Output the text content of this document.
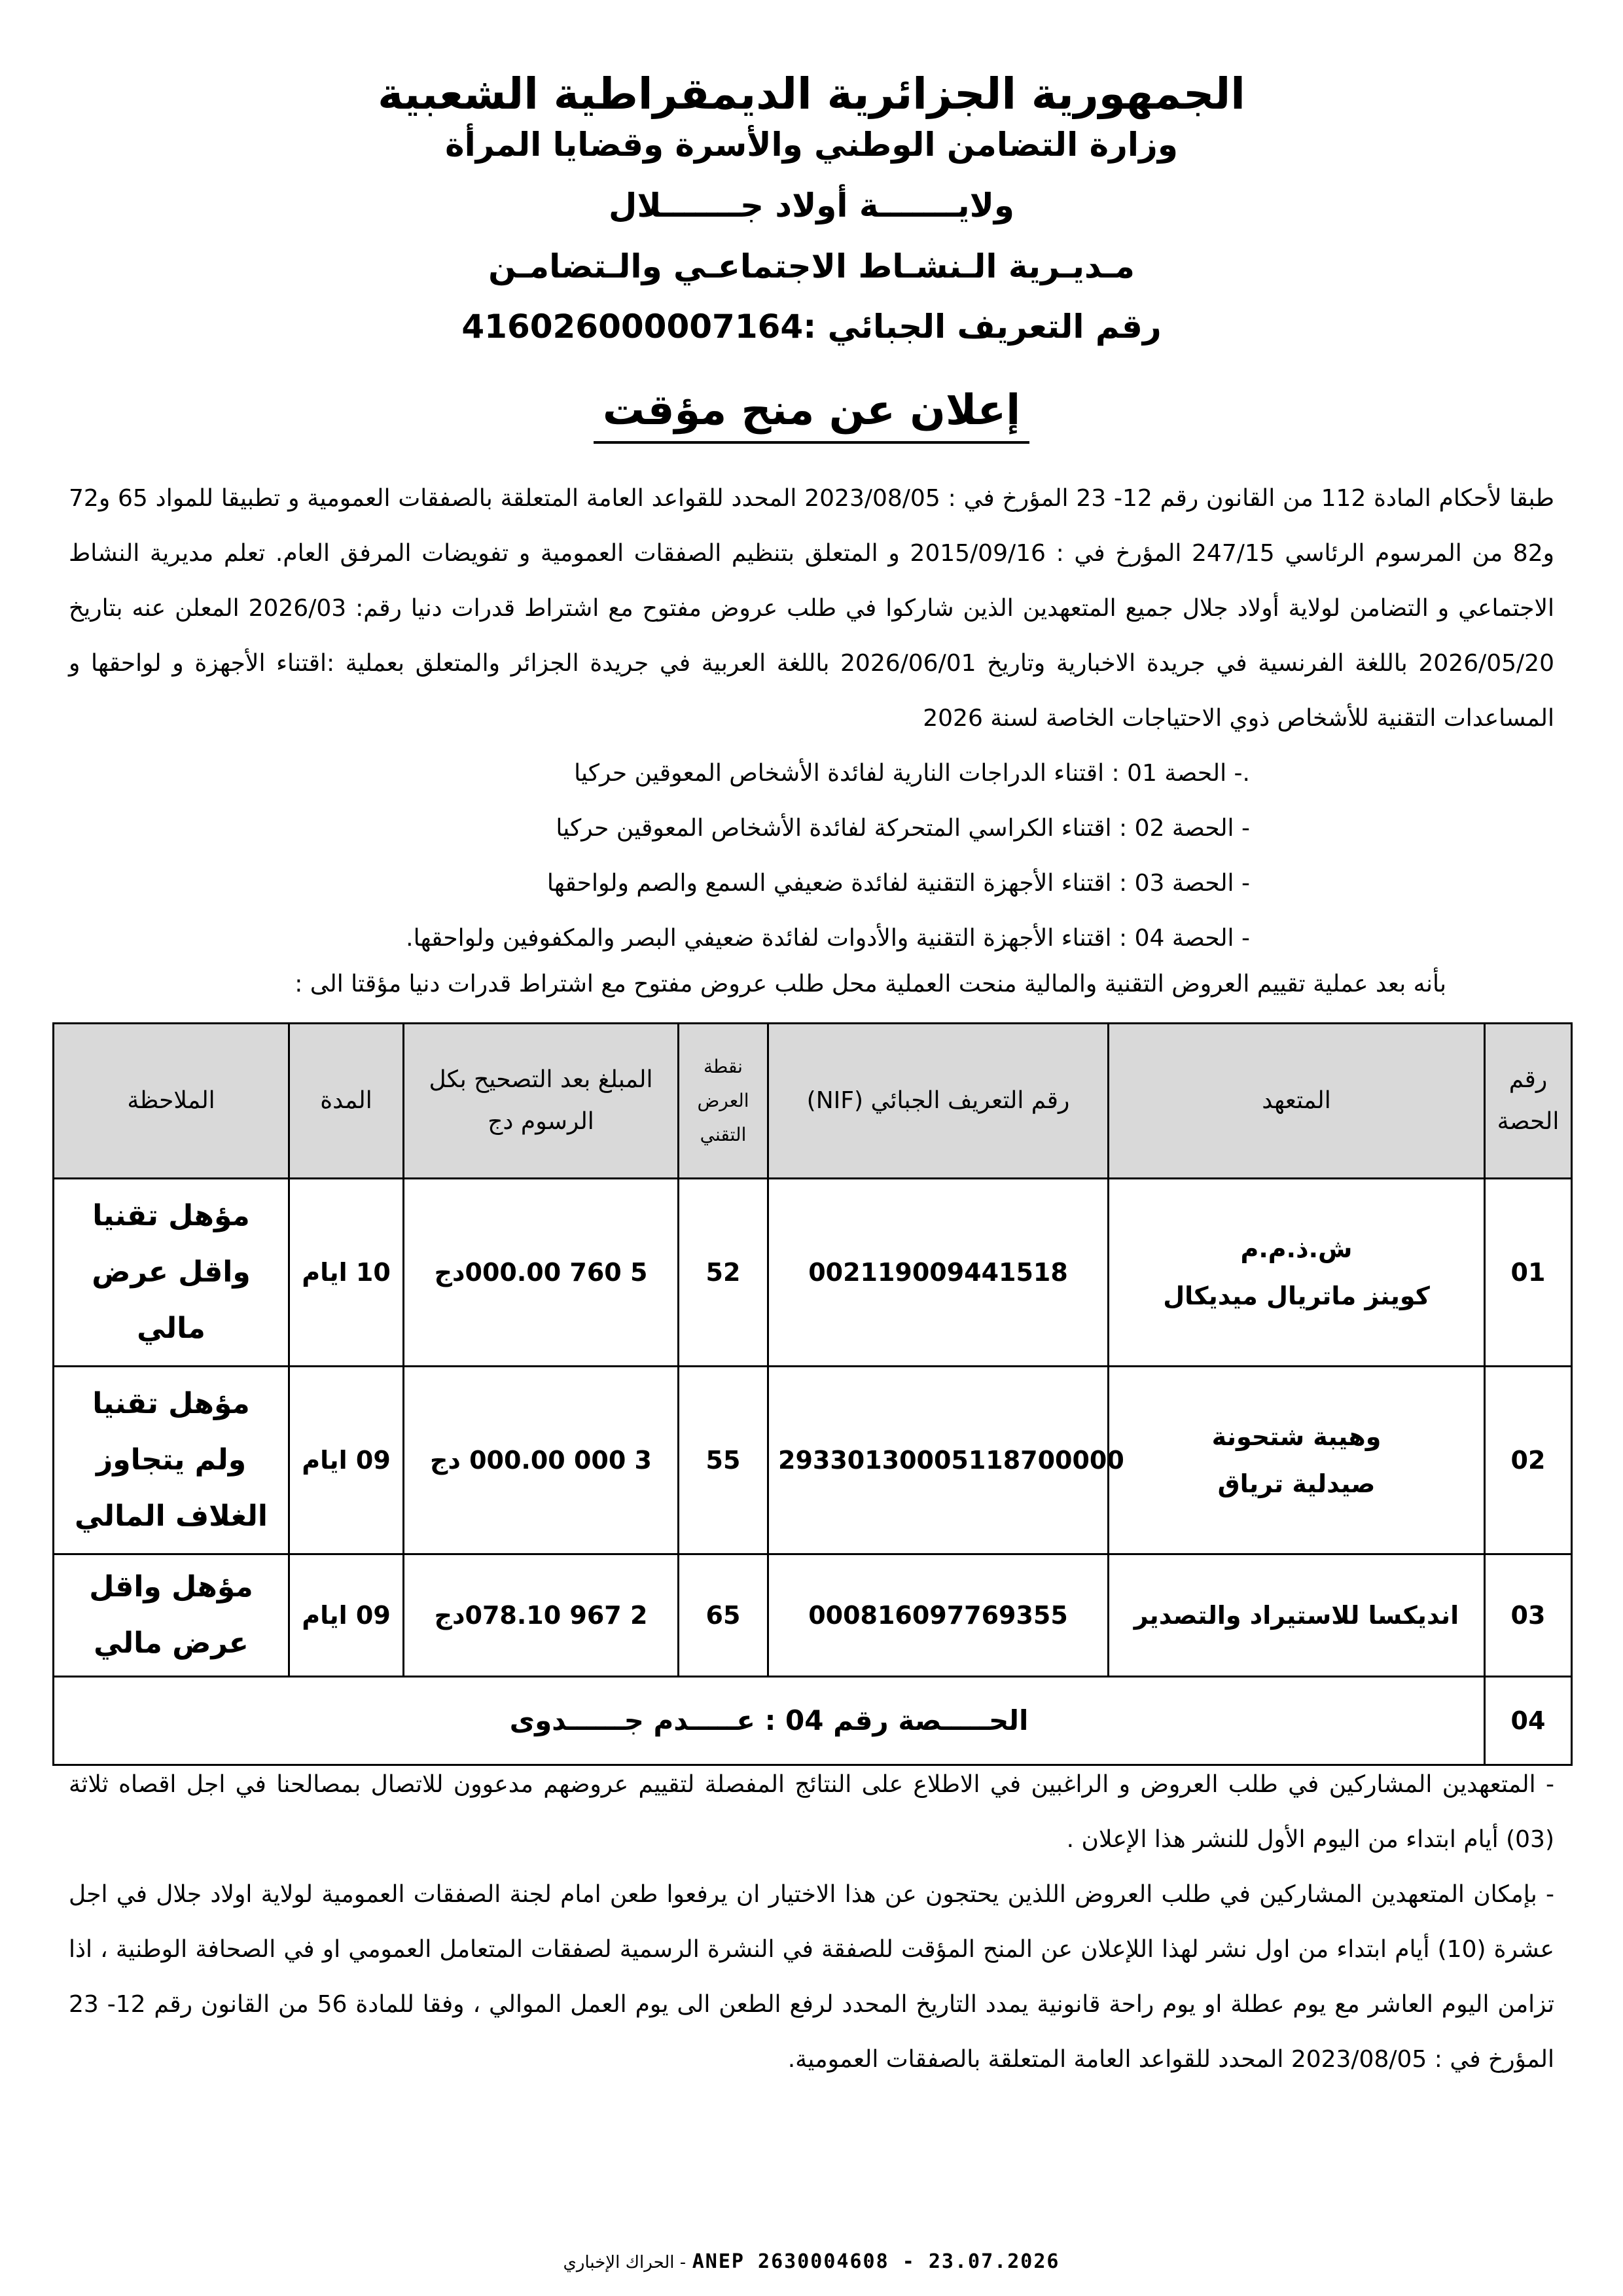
الجمهورية الجزائرية الديمقراطية الشعبية
وزارة التضامن الوطني والأسرة وقضايا المرأة
ولايـــــــة أولاد جـــــــلال
مـديـرية الـنشـاط الاجتماعـي والـتضامـن
رقم التعريف الجبائي :416026000007164
إعلان عن منح مؤقت
طبقا لأحكام المادة 112 من القانون رقم 12- 23 المؤرخ في : 2023/08/05 المحدد للقواعد العامة المتعلقة بالصفقات العمومية و تطبيقا للمواد 65 و72 و82 من المرسوم الرئاسي 247/15 المؤرخ في : 2015/09/16 و المتعلق بتنظيم الصفقات العمومية و تفويضات المرفق العام. تعلم مديرية النشاط الاجتماعي و التضامن لولاية أولاد جلال جميع المتعهدين الذين شاركوا في طلب عروض مفتوح مع اشتراط قدرات دنيا رقم: 2026/03 المعلن عنه بتاريخ 2026/05/20 باللغة الفرنسية في جريدة الاخبارية وتاريخ 2026/06/01 باللغة العربية في جريدة الجزائر والمتعلق بعملية :اقتناء الأجهزة و لواحقها و المساعدات التقنية للأشخاص ذوي الاحتياجات الخاصة لسنة 2026
.- الحصة 01 : اقتناء الدراجات النارية لفائدة الأشخاص المعوقين حركيا
- الحصة 02 : اقتناء الكراسي المتحركة لفائدة الأشخاص المعوقين حركيا
- الحصة 03 : اقتناء الأجهزة التقنية لفائدة ضعيفي السمع والصم ولواحقها
- الحصة 04 : اقتناء الأجهزة التقنية والأدوات لفائدة ضعيفي البصر والمكفوفين ولواحقها.
بأنه بعد عملية تقييم العروض التقنية والمالية منحت العملية محل طلب عروض مفتوح مع اشتراط قدرات دنيا مؤقتا الى :
رقم الحصة	المتعهد	رقم التعريف الجبائي (NIF)	نقطة العرض التقني	المبلغ بعد التصحيح بكل الرسوم دج	المدة	الملاحظة
01	ش.ذ.م.م
كوينز ماتريال ميديكال	002119009441518	52	5 760 000.00دج	10 ايام	مؤهل تقنيا واقل عرض مالي
02	وهيبة شتحونة
صيدلية ترياق	29330130005118700000	55	3 000 000.00 دج	09 ايام	مؤهل تقنيا ولم يتجاوز الغلاف المالي
03	انديكسا للاستيراد والتصدير	000816097769355	65	2 967 078.10دج	09 ايام	مؤهل واقل عرض مالي
04	الحـــــصة رقم 04 : عـــــدم جــــــدوى					
- المتعهدين المشاركين في طلب العروض و الراغبين في الاطلاع على النتائج المفصلة لتقييم عروضهم مدعوون للاتصال بمصالحنا في اجل اقصاه ثلاثة (03) أيام ابتداء من اليوم الأول للنشر هذا الإعلان .
- بإمكان المتعهدين المشاركين في طلب العروض اللذين يحتجون عن هذا الاختيار ان يرفعوا طعن امام لجنة الصفقات العمومية لولاية اولاد جلال في اجل عشرة (10) أيام ابتداء من اول نشر لهذا اللإعلان عن المنح المؤقت للصفقة في النشرة الرسمية لصفقات المتعامل العمومي او في الصحافة الوطنية ، اذا تزامن اليوم العاشر مع يوم عطلة او يوم راحة قانونية يمدد التاريخ المحدد لرفع الطعن الى يوم العمل الموالي ، وفقا للمادة 56 من القانون رقم 12- 23 المؤرخ في : 2023/08/05 المحدد للقواعد العامة المتعلقة بالصفقات العمومية.
الحراك الإخباري - ANEP 2630004608 - 23.07.2026
